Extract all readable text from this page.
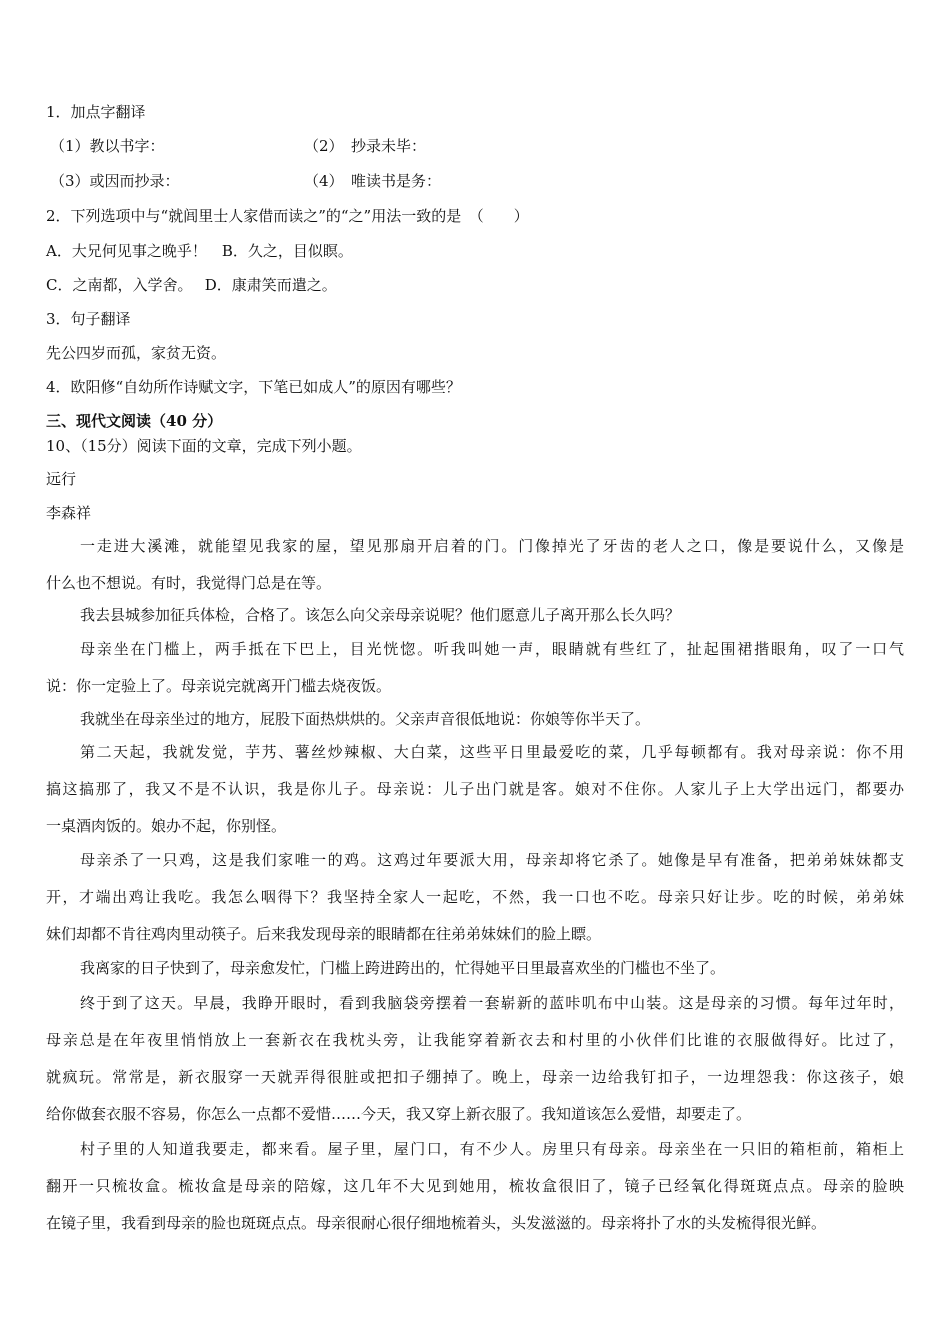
1．加点字翻译
（1）教以书字：	（2）　抄录未毕：
（3）或因而抄录：	（4）　唯读书是务：
2．下列选项中与“就闾里士人家借而读之”的“之”用法一致的是　（　　）
A．大兄何见事之晚乎！　B．久之，目似瞑。
C．之南都，入学舍。　 D．康肃笑而遣之。
3．句子翻译
先公四岁而孤，家贫无资。
4．欧阳修“自幼所作诗赋文字，下笔已如成人”的原因有哪些？
三、现代文阅读（40 分）
10、（15分）阅读下面的文章，完成下列小题。
远行
李森祥
一走进大溪滩，就能望见我家的屋，望见那扇开启着的门。门像掉光了牙齿的老人之口，像是要说什么，又像是
什么也不想说。有时，我觉得门总是在等。
我去县城参加征兵体检，合格了。该怎么向父亲母亲说呢？他们愿意儿子离开那么长久吗？
母亲坐在门槛上，两手抵在下巴上，目光恍惚。听我叫她一声，眼睛就有些红了，扯起围裙揩眼角，叹了一口气
说：你一定验上了。母亲说完就离开门槛去烧夜饭。
我就坐在母亲坐过的地方，屁股下面热烘烘的。父亲声音很低地说：你娘等你半天了。
第二天起，我就发觉，芋艿、薯丝炒辣椒、大白菜，这些平日里最爱吃的菜，几乎每顿都有。我对母亲说：你不用
搞这搞那了，我又不是不认识，我是你儿子。母亲说：儿子出门就是客。娘对不住你。人家儿子上大学出远门，都要办
一桌酒肉饭的。娘办不起，你别怪。
母亲杀了一只鸡，这是我们家唯一的鸡。这鸡过年要派大用，母亲却将它杀了。她像是早有准备，把弟弟妹妹都支
开，才端出鸡让我吃。我怎么咽得下？我坚持全家人一起吃，不然，我一口也不吃。母亲只好让步。吃的时候，弟弟妹
妹们却都不肯往鸡肉里动筷子。后来我发现母亲的眼睛都在往弟弟妹妹们的脸上瞟。
我离家的日子快到了，母亲愈发忙，门槛上跨进跨出的，忙得她平日里最喜欢坐的门槛也不坐了。
终于到了这天。早晨，我睁开眼时，看到我脑袋旁摆着一套崭新的蓝咔叽布中山装。这是母亲的习惯。每年过年时，
母亲总是在年夜里悄悄放上一套新衣在我枕头旁，让我能穿着新衣去和村里的小伙伴们比谁的衣服做得好。比过了，
就疯玩。常常是，新衣服穿一天就弄得很脏或把扣子绷掉了。晚上，母亲一边给我钉扣子，一边埋怨我：你这孩子，娘
给你做套衣服不容易，你怎么一点都不爱惜……今天，我又穿上新衣服了。我知道该怎么爱惜，却要走了。
村子里的人知道我要走，都来看。屋子里，屋门口，有不少人。房里只有母亲。母亲坐在一只旧的箱柜前，箱柜上
翻开一只梳妆盒。梳妆盒是母亲的陪嫁，这几年不大见到她用，梳妆盒很旧了，镜子已经氧化得斑斑点点。母亲的脸映
在镜子里，我看到母亲的脸也斑斑点点。母亲很耐心很仔细地梳着头，头发滋滋的。母亲将扑了水的头发梳得很光鲜。
